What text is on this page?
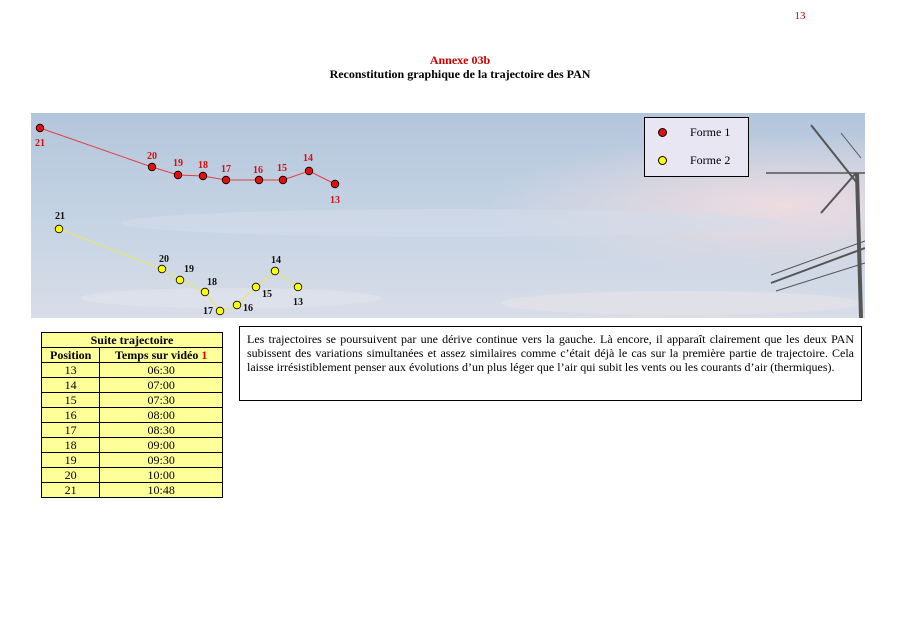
13
Annexe 03b
Reconstitution graphique de la trajectoire des PAN
21
20
19 18 17 16 15
14
13
21
20
19
18
17	16
15
14
13
Forme 1
Forme 2
Suite trajectoire	
Position	Temps sur vidéo 1
13	06:30
14	07:00
15	07:30
16	08:00
17	08:30
18	09:00
19	09:30
20	10:00
21	10:48
Les trajectoires se poursuivent par une dérive continue vers la gauche. Là encore, il apparaît clairement que les deux PAN subissent des variations simultanées et assez similaires comme c’était déjà le cas sur la première partie de trajectoire. Cela laisse irrésistiblement penser aux évolutions d’un plus léger que l’air qui subit les vents ou les courants d’air (thermiques).
